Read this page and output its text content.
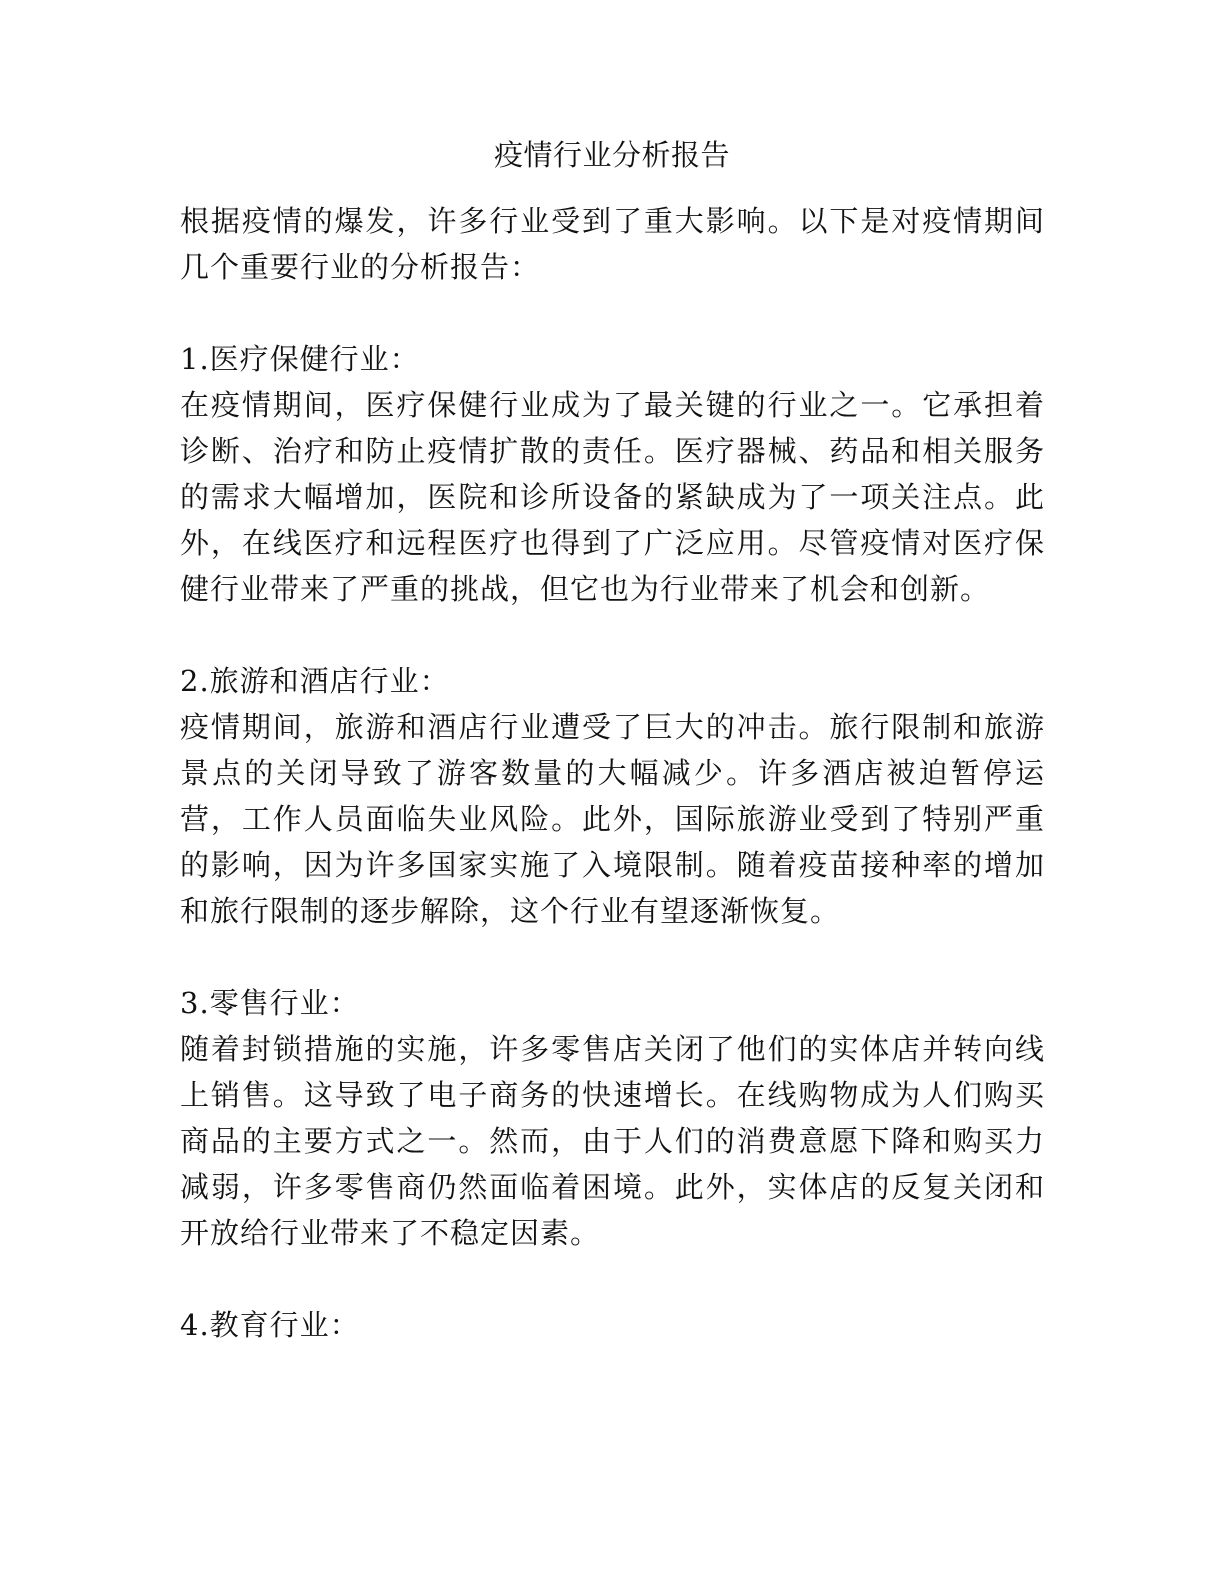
疫情行业分析报告

根据疫情的爆发，许多行业受到了重大影响。以下是对疫情期间几个重要行业的分析报告：

1.医疗保健行业：

在疫情期间，医疗保健行业成为了最关键的行业之一。它承担着诊断、治疗和防止疫情扩散的责任。医疗器械、药品和相关服务的需求大幅增加，医院和诊所设备的紧缺成为了一项关注点。此外，在线医疗和远程医疗也得到了广泛应用。尽管疫情对医疗保健行业带来了严重的挑战，但它也为行业带来了机会和创新。

2.旅游和酒店行业：

疫情期间，旅游和酒店行业遭受了巨大的冲击。旅行限制和旅游景点的关闭导致了游客数量的大幅减少。许多酒店被迫暂停运营，工作人员面临失业风险。此外，国际旅游业受到了特别严重的影响，因为许多国家实施了入境限制。随着疫苗接种率的增加和旅行限制的逐步解除，这个行业有望逐渐恢复。

3.零售行业：

随着封锁措施的实施，许多零售店关闭了他们的实体店并转向线上销售。这导致了电子商务的快速增长。在线购物成为人们购买商品的主要方式之一。然而，由于人们的消费意愿下降和购买力减弱，许多零售商仍然面临着困境。此外，实体店的反复关闭和开放给行业带来了不稳定因素。

4.教育行业：
